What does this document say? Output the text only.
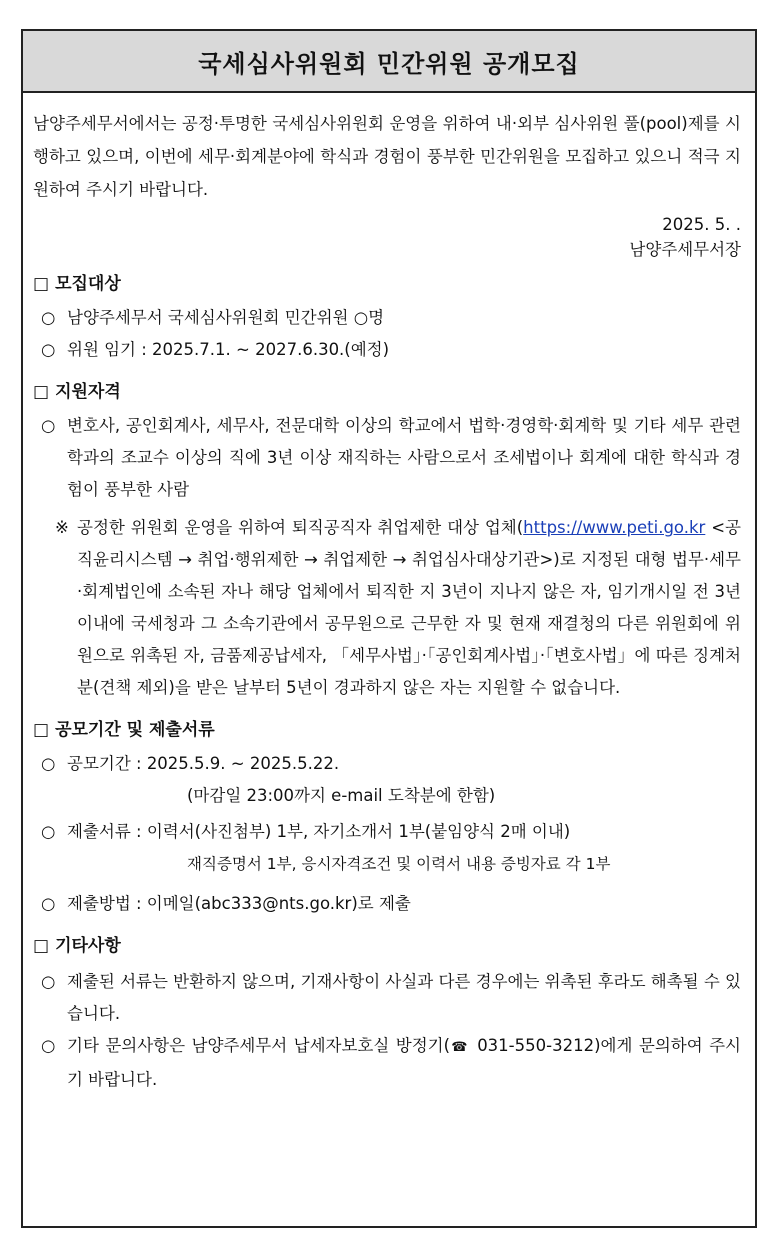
국세심사위원회 민간위원 공개모집
남양주세무서에서는 공정·투명한 국세심사위원회 운영을 위하여 내·외부 심사위원 풀(pool)제를 시행하고 있으며, 이번에 세무·회계분야에 학식과 경험이 풍부한 민간위원을 모집하고 있으니 적극 지원하여 주시기 바랍니다.
2025. 5. .
남양주세무서장
□ 모집대상
○ 남양주세무서 국세심사위원회 민간위원 ○명
○ 위원 임기 : 2025.7.1. ~ 2027.6.30.(예정)
□ 지원자격
○ 변호사, 공인회계사, 세무사, 전문대학 이상의 학교에서 법학·경영학·회계학 및 기타 세무 관련 학과의 조교수 이상의 직에 3년 이상 재직하는 사람으로서 조세법이나 회계에 대한 학식과 경험이 풍부한 사람
※ 공정한 위원회 운영을 위하여 퇴직공직자 취업제한 대상 업체(https://www.peti.go.kr <공직윤리시스템 → 취업·행위제한 → 취업제한 → 취업심사대상기관>)로 지정된 대형 법무·세무·회계법인에 소속된 자나 해당 업체에서 퇴직한 지 3년이 지나지 않은 자, 임기개시일 전 3년 이내에 국세청과 그 소속기관에서 공무원으로 근무한 자 및 현재 재결청의 다른 위원회에 위원으로 위촉된 자, 금품제공납세자, 「세무사법」·「공인회계사법」·「변호사법」에 따른 징계처분(견책 제외)을 받은 날부터 5년이 경과하지 않은 자는 지원할 수 없습니다.
□ 공모기간 및 제출서류
○ 공모기간 : 2025.5.9. ~ 2025.5.22.
(마감일 23:00까지 e-mail 도착분에 한함)
○ 제출서류 : 이력서(사진첨부) 1부, 자기소개서 1부(붙임양식 2매 이내)
재직증명서 1부, 응시자격조건 및 이력서 내용 증빙자료 각 1부
○ 제출방법 : 이메일(abc333@nts.go.kr)로 제출
□ 기타사항
○ 제출된 서류는 반환하지 않으며, 기재사항이 사실과 다른 경우에는 위촉된 후라도 해촉될 수 있습니다.
○ 기타 문의사항은 남양주세무서 납세자보호실 방정기(☎ 031-550-3212)에게 문의하여 주시기 바랍니다.
